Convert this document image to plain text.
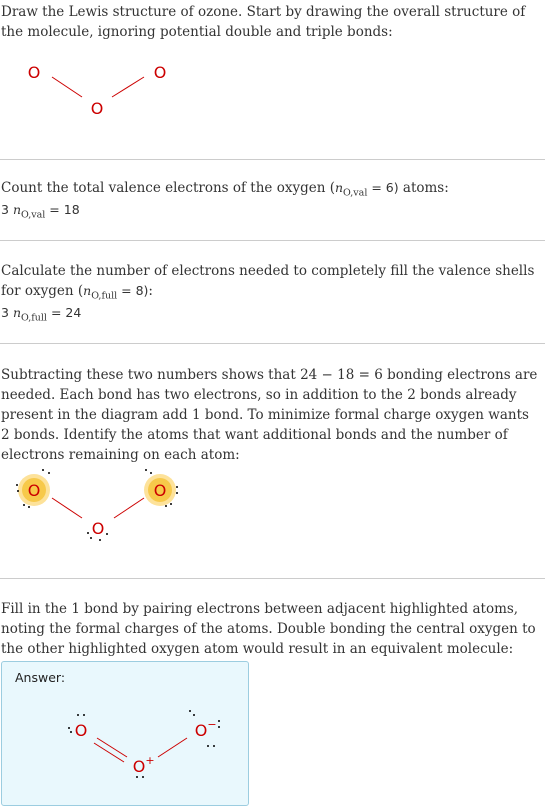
Draw the Lewis structure of ozone. Start by drawing the overall structure of the molecule, ignoring potential double and triple bonds:
O
O
O
Count the total valence electrons of the oxygen $(n_{O,val} = 6)$ atoms:
3 $n_{O,val} = 18$
Calculate the number of electrons needed to completely fill the valence shells for oxygen $(n_{O,full} = 8)$:
3 $n_{O,full} = 24$
Subtracting these two numbers shows that 24 − 18 = 6 bonding electrons are needed. Each bond has two electrons, so in addition to the 2 bonds already present in the diagram add 1 bond. To minimize formal charge oxygen wants 2 bonds. Identify the atoms that want additional bonds and the number of electrons remaining on each atom:
O
O
O
Fill in the 1 bond by pairing electrons between adjacent highlighted atoms, noting the formal charges of the atoms. Double bonding the central oxygen to the other highlighted oxygen atom would result in an equivalent molecule:
Answer:
O
O +
O −
